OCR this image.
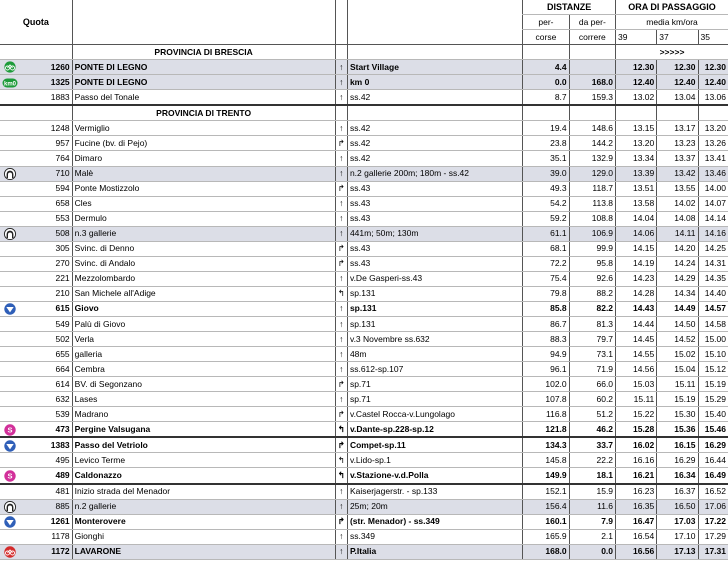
Quota					DISTANZE		ORA DI PASSAGGIO		
					per-	da per-	media km/ora		
					corse	correre	39	37	35
		PROVINCIA DI BRESCIA					>>>>>		

	1260	PONTE DI LEGNO	↑	Start Village	4.4		12.30	12.30	12.30

km0	1325	PONTE DI LEGNO	↑	km 0	0.0	168.0	12.40	12.40	12.40
	1883	Passo del Tonale	↑	ss.42	8.7	159.3	13.02	13.04	13.06
		PROVINCIA DI TRENTO							
	1248	Vermiglio	↑	ss.42	19.4	148.6	13.15	13.17	13.20
	957	Fucine (bv. di Pejo)	↱	ss.42	23.8	144.2	13.20	13.23	13.26
	764	Dimaro	↑	ss.42	35.1	132.9	13.34	13.37	13.41

	710	Malè	↑	n.2 gallerie 200m; 180m - ss.42	39.0	129.0	13.39	13.42	13.46
	594	Ponte Mostizzolo	↱	ss.43	49.3	118.7	13.51	13.55	14.00
	658	Cles	↑	ss.43	54.2	113.8	13.58	14.02	14.07
	553	Dermulo	↑	ss.43	59.2	108.8	14.04	14.08	14.14

	508	n.3 gallerie	↑	441m; 50m; 130m	61.1	106.9	14.06	14.11	14.16
	305	Svinc. di Denno	↱	ss.43	68.1	99.9	14.15	14.20	14.25
	270	Svinc. di Andalo	↱	ss.43	72.2	95.8	14.19	14.24	14.31
	221	Mezzolombardo	↑	v.De Gasperi-ss.43	75.4	92.6	14.23	14.29	14.35
	210	San Michele all'Adige	↰	sp.131	79.8	88.2	14.28	14.34	14.40

	615	Giovo	↑	sp.131	85.8	82.2	14.43	14.49	14.57
	549	Palù di Giovo	↑	sp.131	86.7	81.3	14.44	14.50	14.58
	502	Verla	↑	v.3 Novembre ss.632	88.3	79.7	14.45	14.52	15.00
	655	galleria	↑	48m	94.9	73.1	14.55	15.02	15.10
	664	Cembra	↑	ss.612-sp.107	96.1	71.9	14.56	15.04	15.12
	614	BV. di Segonzano	↱	sp.71	102.0	66.0	15.03	15.11	15.19
	632	Lases	↑	sp.71	107.8	60.2	15.11	15.19	15.29
	539	Madrano	↱	v.Castel Rocca-v.Lungolago	116.8	51.2	15.22	15.30	15.40

S	473	Pergine Valsugana	↰	v.Dante-sp.228-sp.12	121.8	46.2	15.28	15.36	15.46

	1383	Passo del Vetriolo	↱	Compet-sp.11	134.3	33.7	16.02	16.15	16.29
	495	Levico Terme	↰	v.Lido-sp.1	145.8	22.2	16.16	16.29	16.44

S	489	Caldonazzo	↰	v.Stazione-v.d.Polla	149.9	18.1	16.21	16.34	16.49
	481	Inizio strada del Menador	↑	Kaiserjagerstr. - sp.133	152.1	15.9	16.23	16.37	16.52

	885	n.2 gallerie	↑	25m; 20m	156.4	11.6	16.35	16.50	17.06

	1261	Monterovere	↱	(str. Menador) - ss.349	160.1	7.9	16.47	17.03	17.22
	1178	Gionghi	↑	ss.349	165.9	2.1	16.54	17.10	17.29

	1172	LAVARONE	↑	P.Italia	168.0	0.0	16.56	17.13	17.31
